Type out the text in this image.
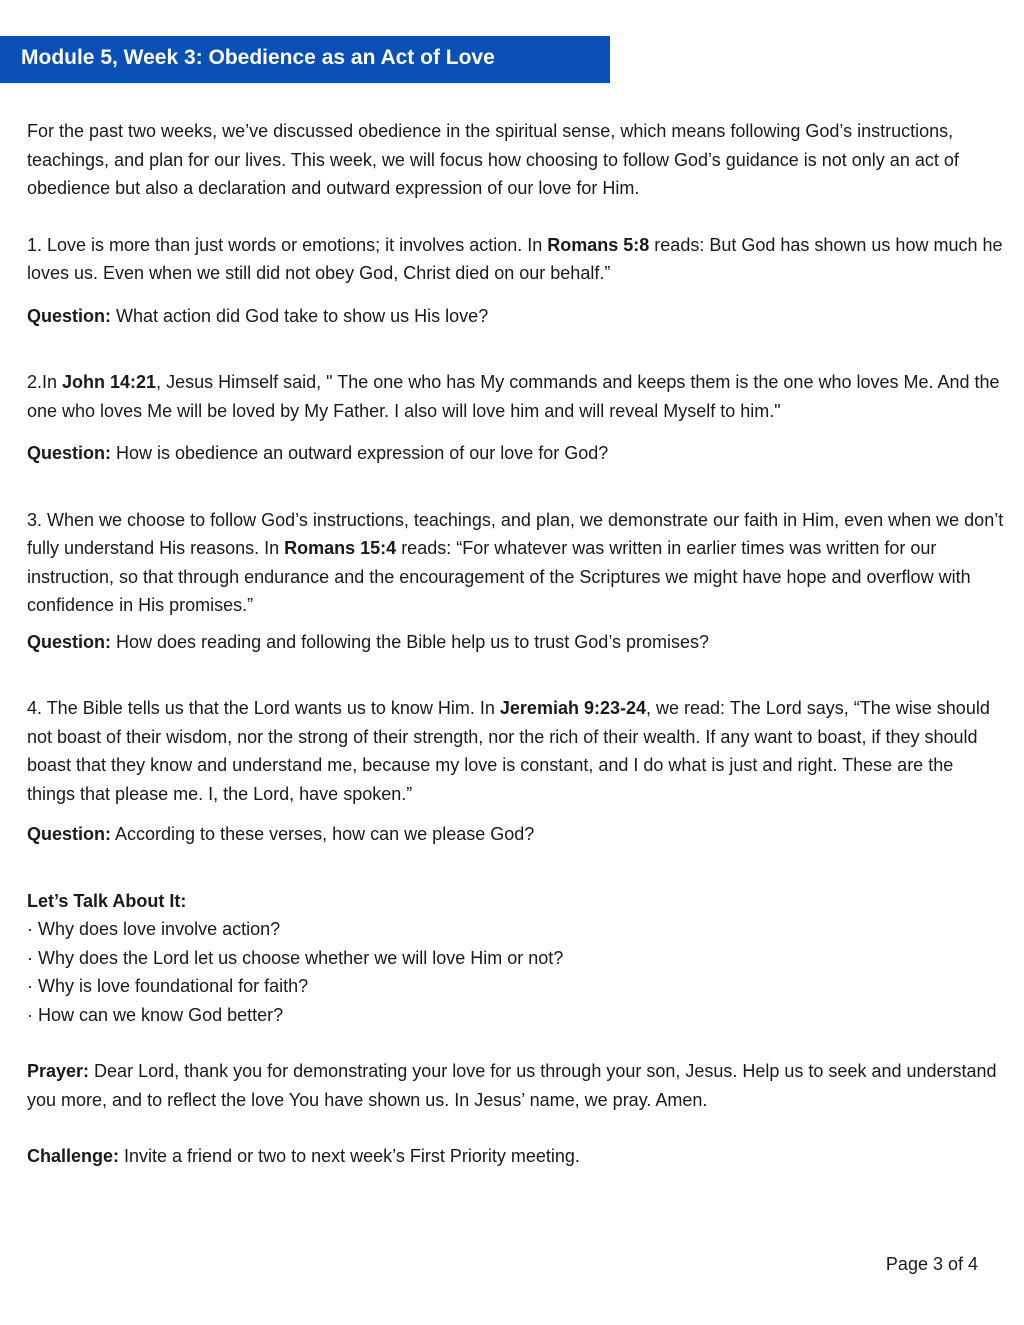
Module 5, Week 3: Obedience as an Act of Love

For the past two weeks, we’ve discussed obedience in the spiritual sense, which means following God’s instructions, teachings, and plan for our lives. This week, we will focus how choosing to follow God’s guidance is not only an act of obedience but also a declaration and outward expression of our love for Him.

1. Love is more than just words or emotions; it involves action. In Romans 5:8 reads: But God has shown us how much he loves us. Even when we still did not obey God, Christ died on our behalf.”

Question: What action did God take to show us His love?

2.In John 14:21, Jesus Himself said, " The one who has My commands and keeps them is the one who loves Me. And the one who loves Me will be loved by My Father. I also will love him and will reveal Myself to him."

Question: How is obedience an outward expression of our love for God?

3. When we choose to follow God’s instructions, teachings, and plan, we demonstrate our faith in Him, even when we don’t fully understand His reasons. In Romans 15:4 reads: “For whatever was written in earlier times was written for our instruction, so that through endurance and the encouragement of the Scriptures we might have hope and overflow with confidence in His promises.”

Question: How does reading and following the Bible help us to trust God’s promises?

4. The Bible tells us that the Lord wants us to know Him. In Jeremiah 9:23-24, we read: The Lord says, “The wise should not boast of their wisdom, nor the strong of their strength, nor the rich of their wealth. If any want to boast, if they should boast that they know and understand me, because my love is constant, and I do what is just and right. These are the things that please me. I, the Lord, have spoken.”

Question: According to these verses, how can we please God?

Let’s Talk About It:

· Why does love involve action?
· Why does the Lord let us choose whether we will love Him or not?
· Why is love foundational for faith?
· How can we know God better?

Prayer: Dear Lord, thank you for demonstrating your love for us through your son, Jesus. Help us to seek and understand you more, and to reflect the love You have shown us. In Jesus’ name, we pray. Amen.

Challenge: Invite a friend or two to next week’s First Priority meeting.

Page 3 of 4
